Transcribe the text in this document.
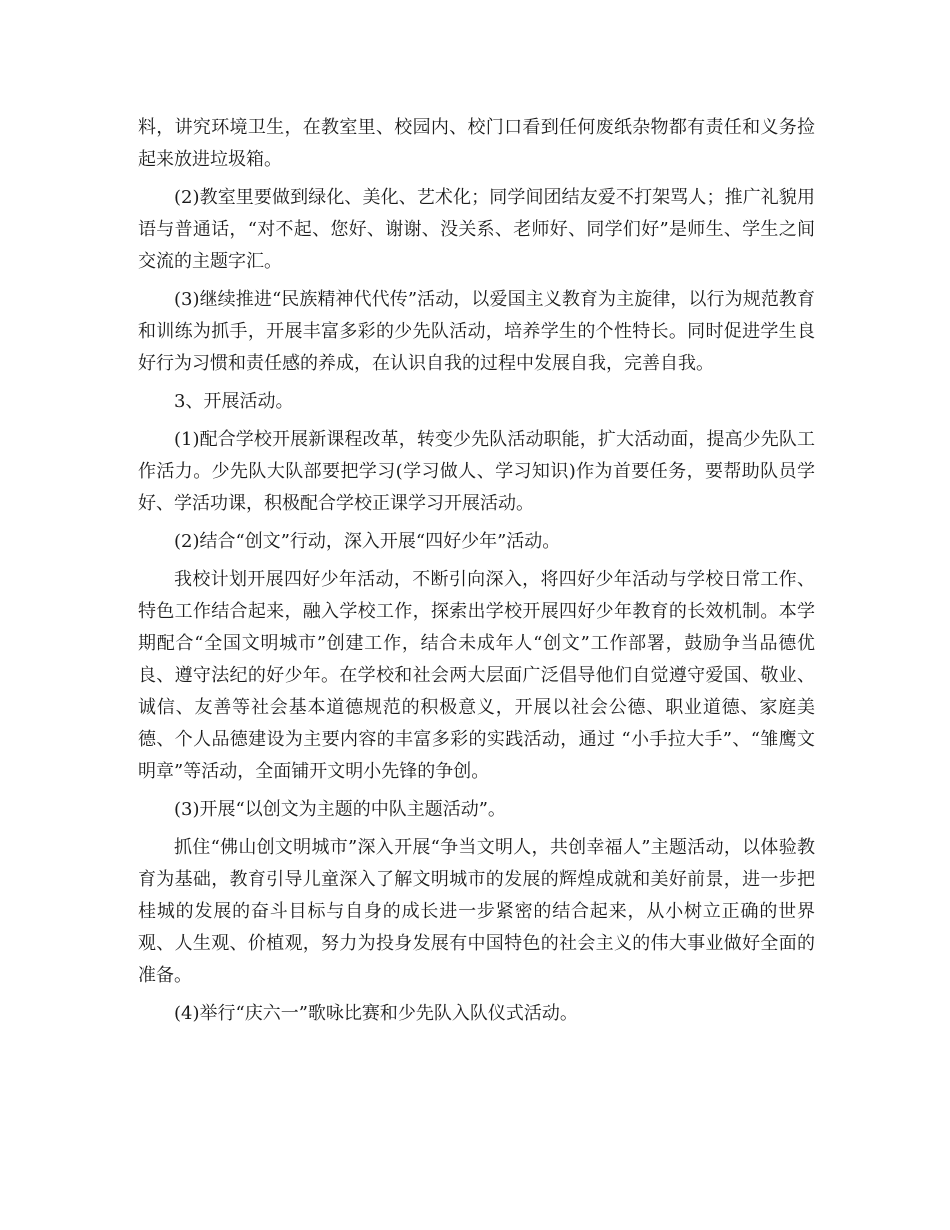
料，讲究环境卫生，在教室里、校园内、校门口看到任何废纸杂物都有责任和义务捡起来放进垃圾箱。

(2)教室里要做到绿化、美化、艺术化；同学间团结友爱不打架骂人；推广礼貌用语与普通话，“对不起、您好、谢谢、没关系、老师好、同学们好”是师生、学生之间交流的主题字汇。

(3)继续推进“民族精神代代传”活动，以爱国主义教育为主旋律，以行为规范教育和训练为抓手，开展丰富多彩的少先队活动，培养学生的个性特长。同时促进学生良好行为习惯和责任感的养成，在认识自我的过程中发展自我，完善自我。

3、开展活动。

(1)配合学校开展新课程改革，转变少先队活动职能，扩大活动面，提高少先队工作活力。少先队大队部要把学习(学习做人、学习知识)作为首要任务，要帮助队员学好、学活功课，积极配合学校正课学习开展活动。

(2)结合“创文”行动，深入开展“四好少年”活动。

我校计划开展四好少年活动，不断引向深入，将四好少年活动与学校日常工作、特色工作结合起来，融入学校工作，探索出学校开展四好少年教育的长效机制。本学期配合“全国文明城市”创建工作，结合未成年人“创文”工作部署，鼓励争当品德优良、遵守法纪的好少年。在学校和社会两大层面广泛倡导他们自觉遵守爱国、敬业、诚信、友善等社会基本道德规范的积极意义，开展以社会公德、职业道德、家庭美德、个人品德建设为主要内容的丰富多彩的实践活动，通过 “小手拉大手”、“雏鹰文明章”等活动，全面铺开文明小先锋的争创。

(3)开展“以创文为主题的中队主题活动”。

抓住“佛山创文明城市”深入开展“争当文明人，共创幸福人”主题活动，以体验教育为基础，教育引导儿童深入了解文明城市的发展的辉煌成就和美好前景，进一步把桂城的发展的奋斗目标与自身的成长进一步紧密的结合起来，从小树立正确的世界观、人生观、价植观，努力为投身发展有中国特色的社会主义的伟大事业做好全面的准备。

(4)举行“庆六一”歌咏比赛和少先队入队仪式活动。
